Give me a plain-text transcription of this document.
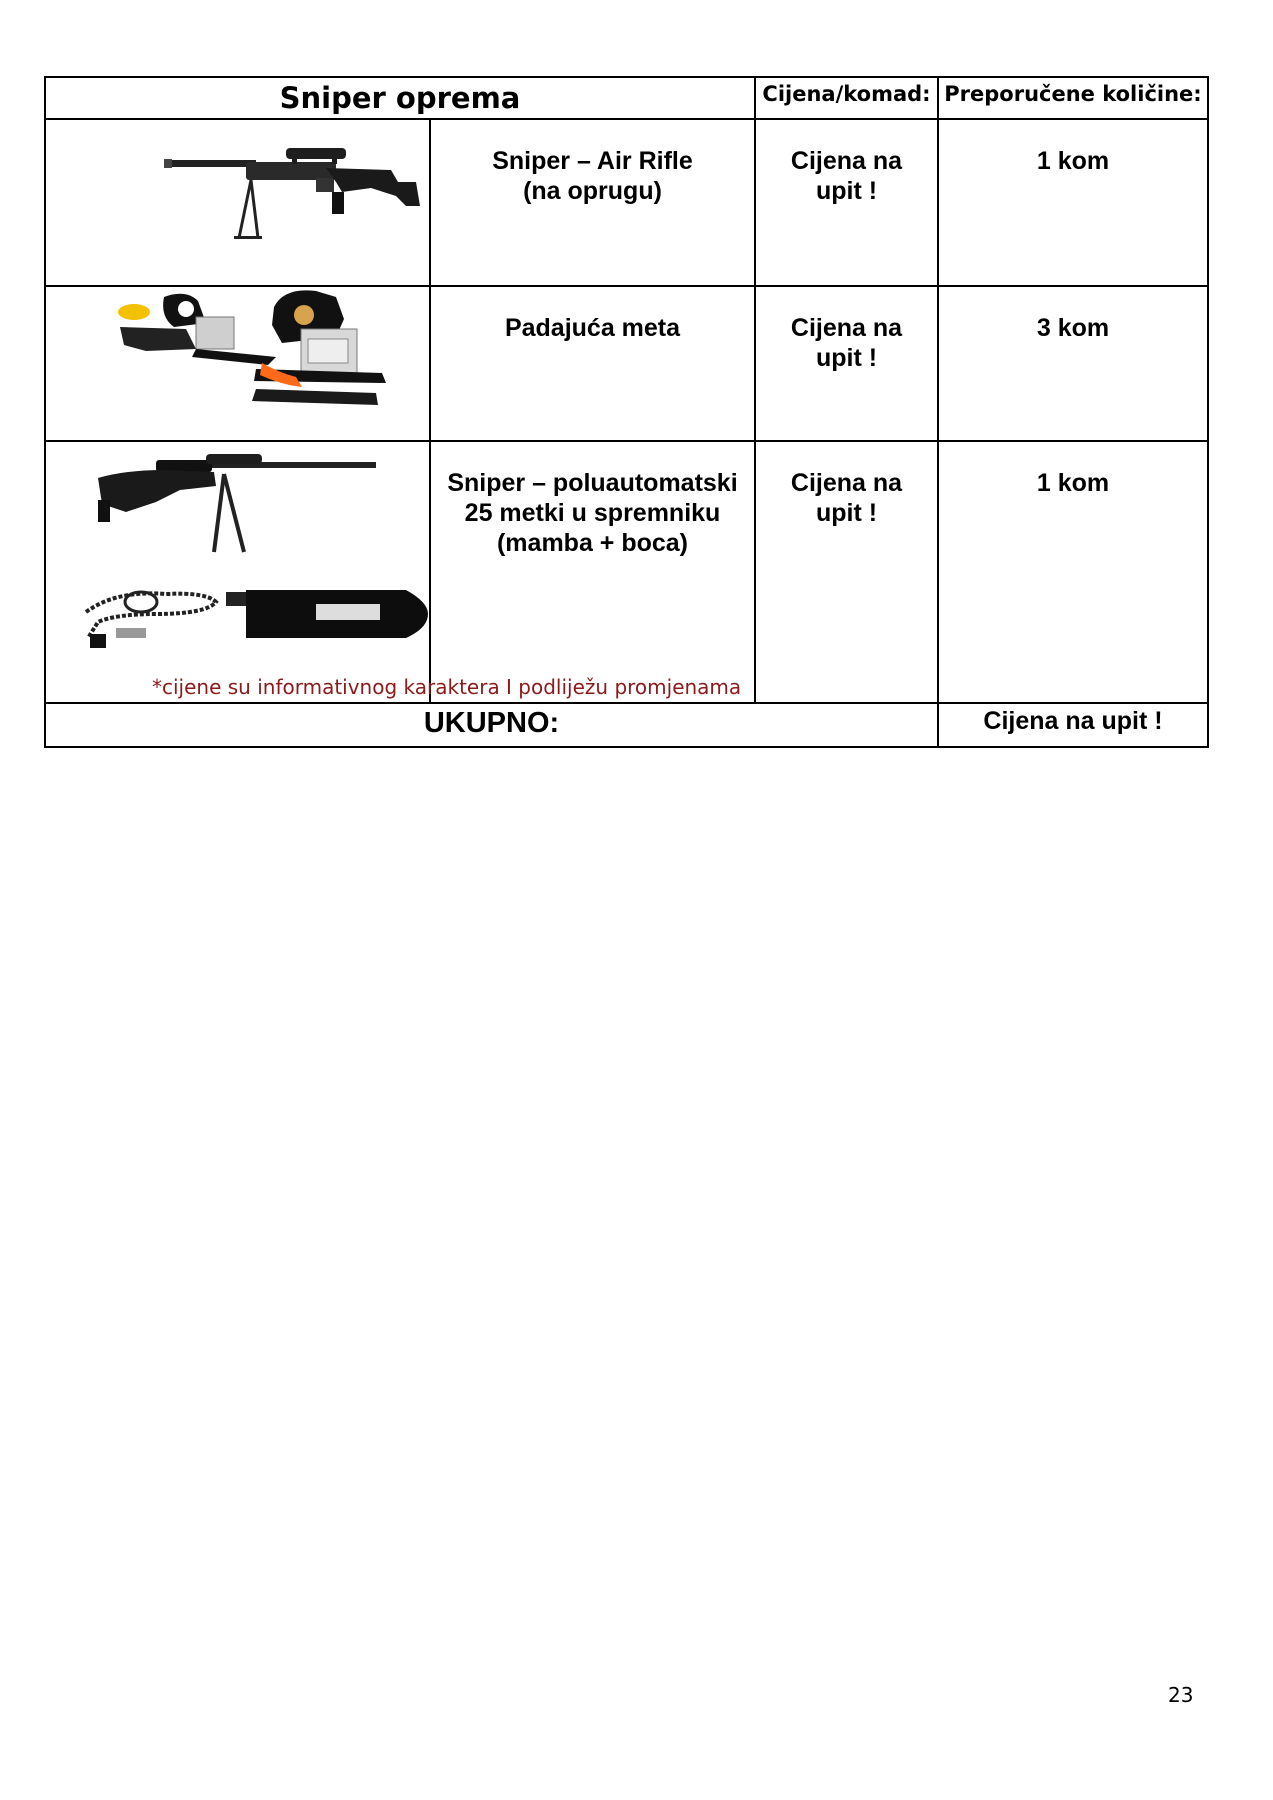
Sniper oprema		Cijena/komad:	Preporučene količine:

Sniper – Air Rifle
(na oprugu)	Cijena na
upit !	1 kom

Padajuća meta	Cijena na
upit !	3 kom

Sniper – poluautomatski
25 metki u spremniku
(mamba + boca)	Cijena na
upit !	1 kom
UKUPNO:			Cijena na upit !
*cijene su informativnog karaktera I podliježu promjenama
23
